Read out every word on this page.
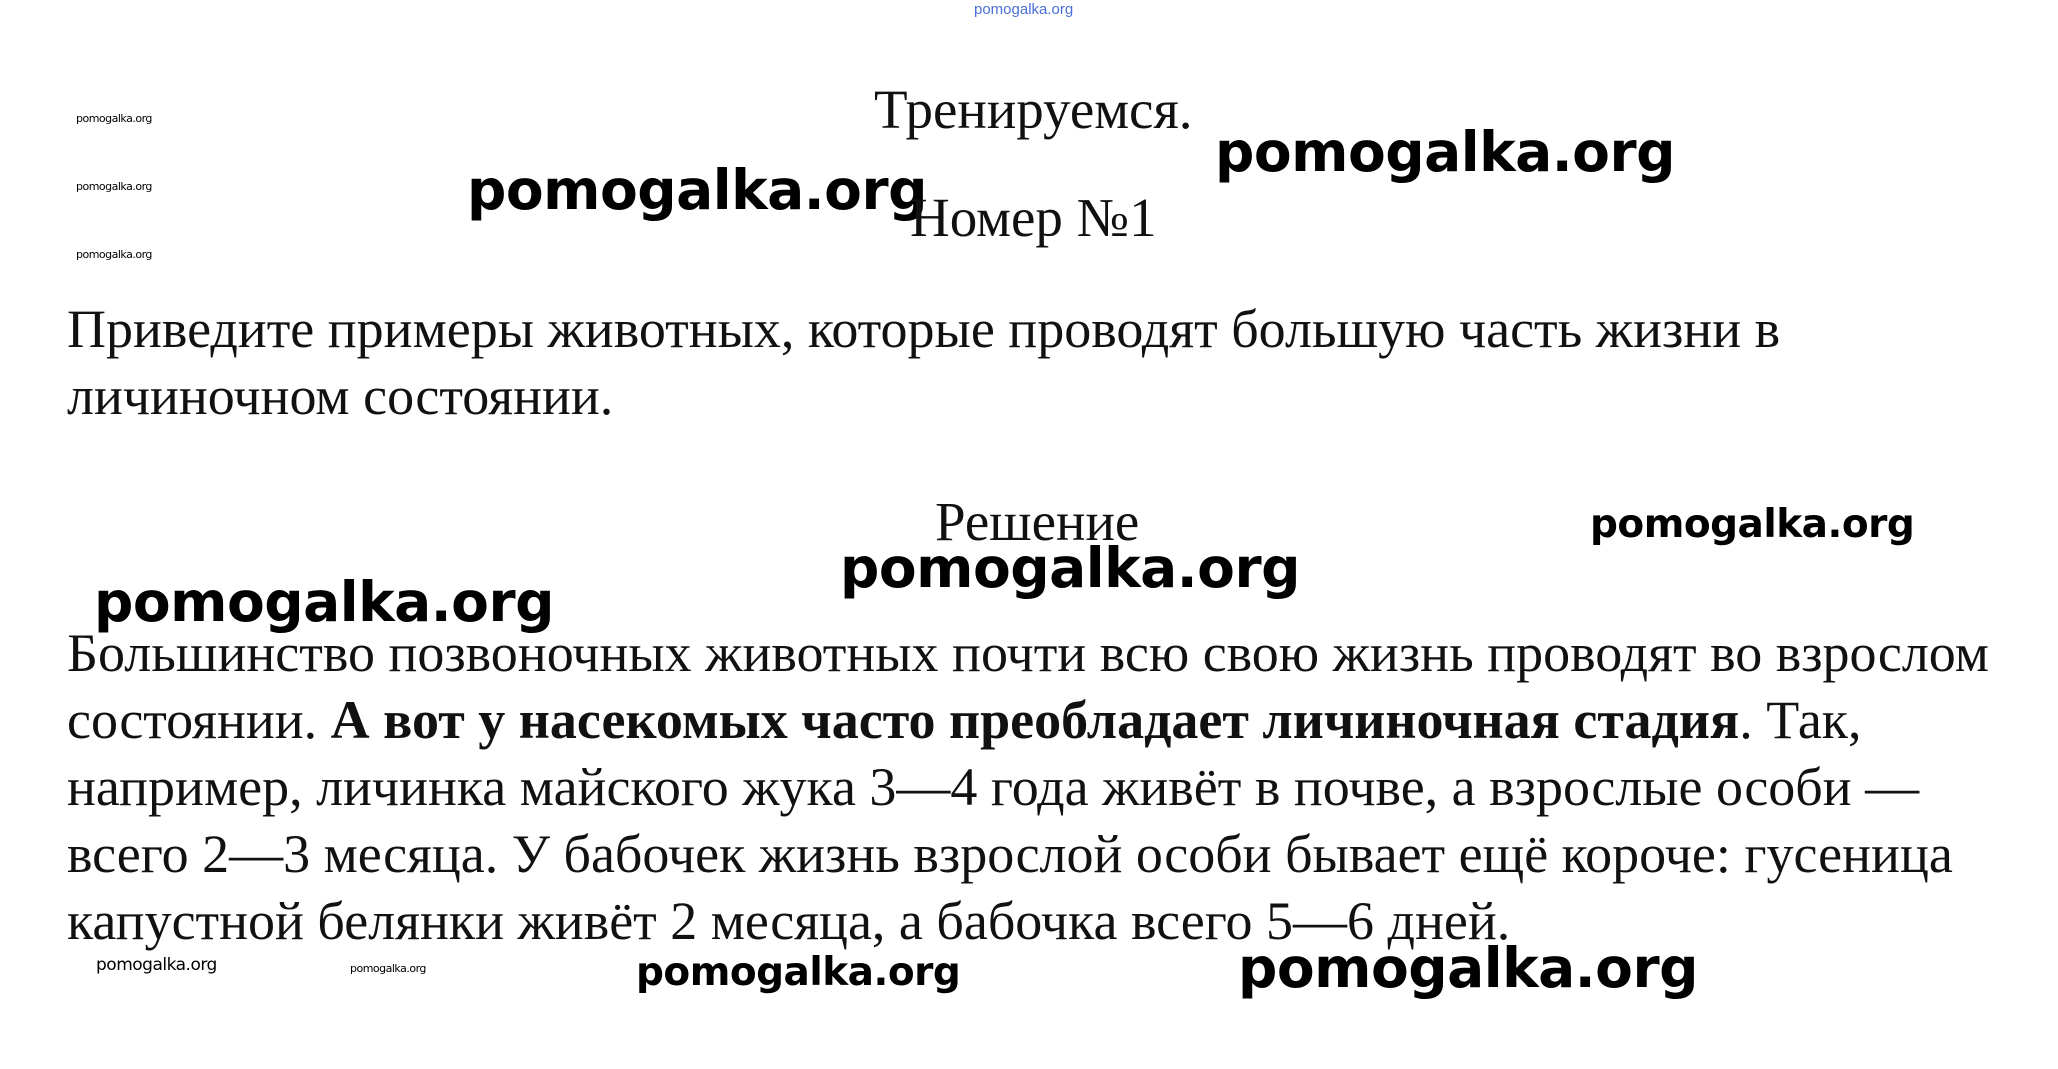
pomogalka.org
pomogalka.org
pomogalka.org
pomogalka.org
Тренируемся.
pomogalka.org
pomogalka.org
Номер №1

Приведите примеры животных, которые проводят большую часть жизни в личиночном состоянии.

Решение	pomogalka.org
pomogalka.org
pomogalka.org

Большинство позвоночных животных почти всю свою жизнь проводят во взрослом состоянии. А вот у насекомых часто преобладает личиночная стадия. Так, например, личинка майского жука 3—4 года живёт в почве, а взрослые особи — всего 2—3 месяца. У бабочек жизнь взрослой особи бывает ещё короче: гусеница капустной белянки живёт 2 месяца, а бабочка всего 5—6 дней.

pomogalka.org	pomogalka.org	pomogalka.org	pomogalka.org
